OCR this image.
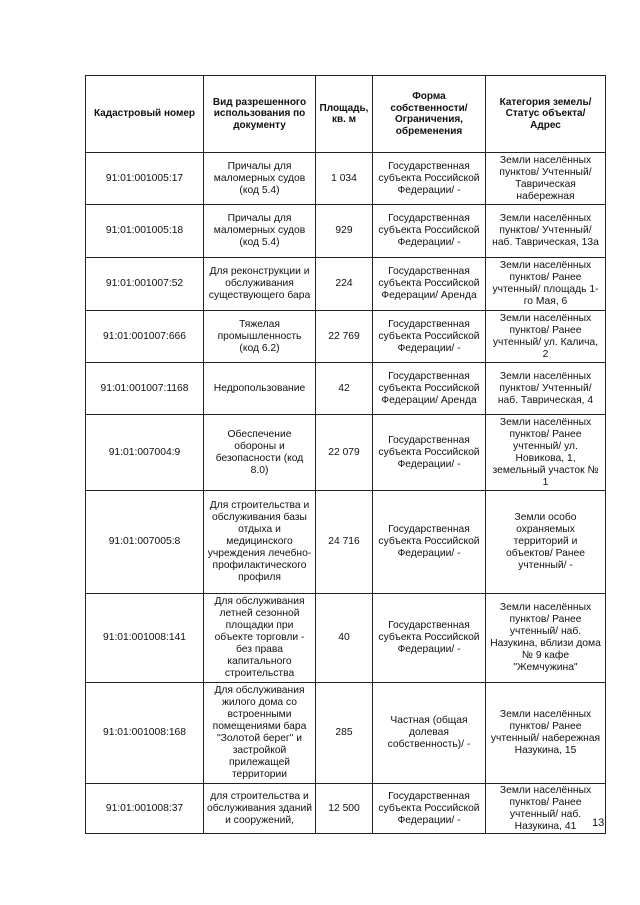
Кадастровый номер	Вид разрешенного использования по документу	Площадь, кв. м	Форма собственности/ Ограничения, обременения	Категория земель/ Статус объекта/ Адрес
91:01:001005:17	Причалы для маломерных судов (код 5.4)	1 034	Государственная субъекта Российской Федерации/ -	Земли населённых пунктов/ Учтенный/ Таврическая набережная
91:01:001005:18	Причалы для маломерных судов (код 5.4)	929	Государственная субъекта Российской Федерации/ -	Земли населённых пунктов/ Учтенный/ наб. Таврическая, 13а
91:01:001007:52	Для реконструкции и обслуживания существующего бара	224	Государственная субъекта Российской Федерации/ Аренда	Земли населённых пунктов/ Ранее учтенный/ площадь 1-го Мая, 6
91:01:001007:666	Тяжелая промышленность (код 6.2)	22 769	Государственная субъекта Российской Федерации/ -	Земли населённых пунктов/ Ранее учтенный/ ул. Калича, 2
91:01:001007:1168	Недропользование	42	Государственная субъекта Российской Федерации/ Аренда	Земли населённых пунктов/ Учтенный/ наб. Таврическая, 4
91:01:007004:9	Обеспечение обороны и безопасности (код 8.0)	22 079	Государственная субъекта Российской Федерации/ -	Земли населённых пунктов/ Ранее учтенный/ ул. Новикова, 1, земельный участок № 1
91:01:007005:8	Для строительства и обслуживания базы отдыха и медицинского учреждения лечебно-профилактического профиля	24 716	Государственная субъекта Российской Федерации/ -	Земли особо охраняемых территорий и объектов/ Ранее учтенный/ -
91:01:001008:141	Для обслуживания летней сезонной площадки при объекте торговли - без права капитального строительства	40	Государственная субъекта Российской Федерации/ -	Земли населённых пунктов/ Ранее учтенный/ наб. Назукина, вблизи дома № 9 кафе "Жемчужина"
91:01:001008:168	Для обслуживания жилого дома со встроенными помещениями бара "Золотой берег" и застройкой прилежащей территории	285	Частная (общая долевая собственность)/ -	Земли населённых пунктов/ Ранее учтенный/ набережная Назукина, 15
91:01:001008:37	для строительства и обслуживания зданий и сооружений,	12 500	Государственная субъекта Российской Федерации/ -	Земли населённых пунктов/ Ранее учтенный/ наб. Назукина, 41 13
